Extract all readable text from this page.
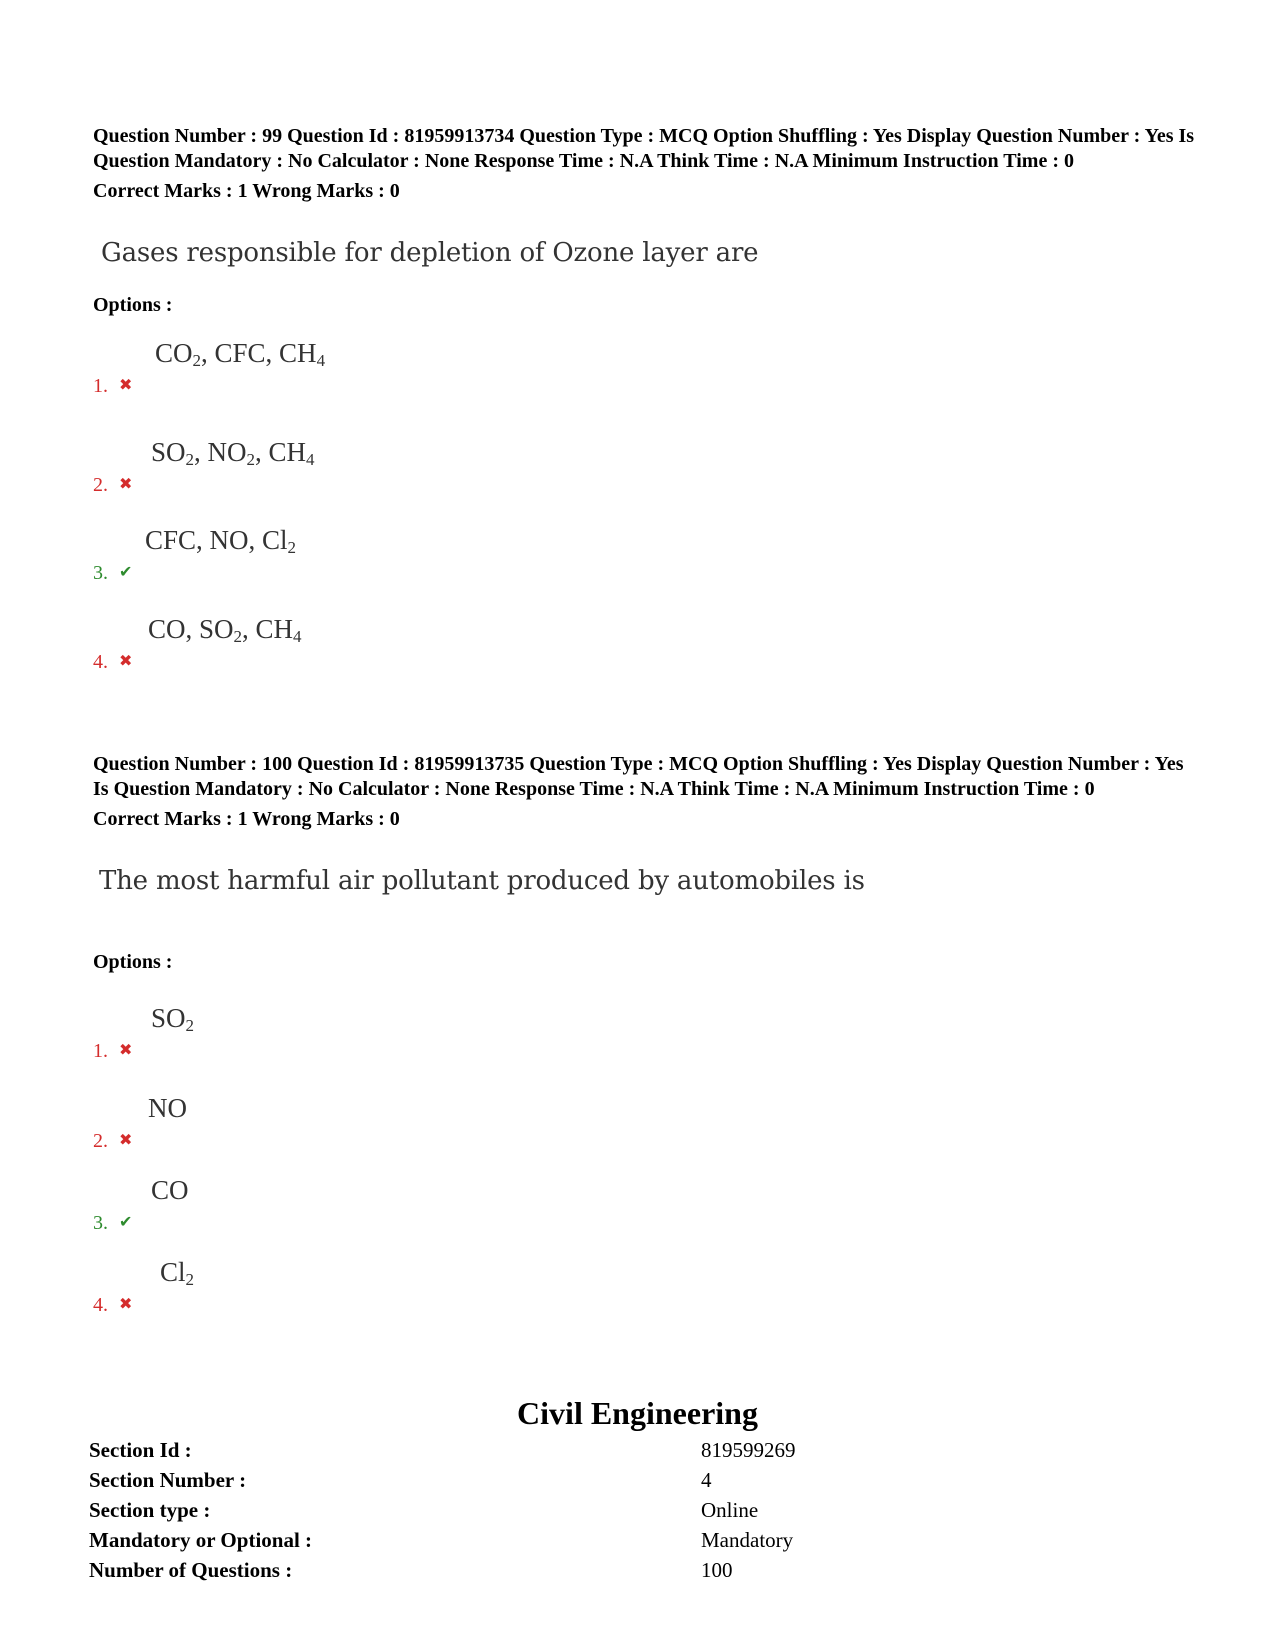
Question Number : 99 Question Id : 81959913734 Question Type : MCQ Option Shuffling : Yes Display Question Number : Yes Is Question Mandatory : No Calculator : None Response Time : N.A Think Time : N.A Minimum Instruction Time : 0

Correct Marks : 1 Wrong Marks : 0
Gases responsible for depletion of Ozone layer are
Options :
$CO_2$, CFC, $CH_4$
1. ✖
$SO_2$, $NO_2$, $CH_4$
2. ✖
CFC, NO, $Cl_2$
3. ✔
CO, $SO_2$, $CH_4$
4. ✖

Question Number : 100 Question Id : 81959913735 Question Type : MCQ Option Shuffling : Yes Display Question Number : Yes Is Question Mandatory : No Calculator : None Response Time : N.A Think Time : N.A Minimum Instruction Time : 0

Correct Marks : 1 Wrong Marks : 0
The most harmful air pollutant produced by automobiles is
Options :
$SO_2$
1. ✖
NO
2. ✖
CO
3. ✔
$Cl_2$
4. ✖
Civil Engineering
Section Id :	819599269
Section Number :	4
Section type :	Online
Mandatory or Optional :	Mandatory
Number of Questions :	100
